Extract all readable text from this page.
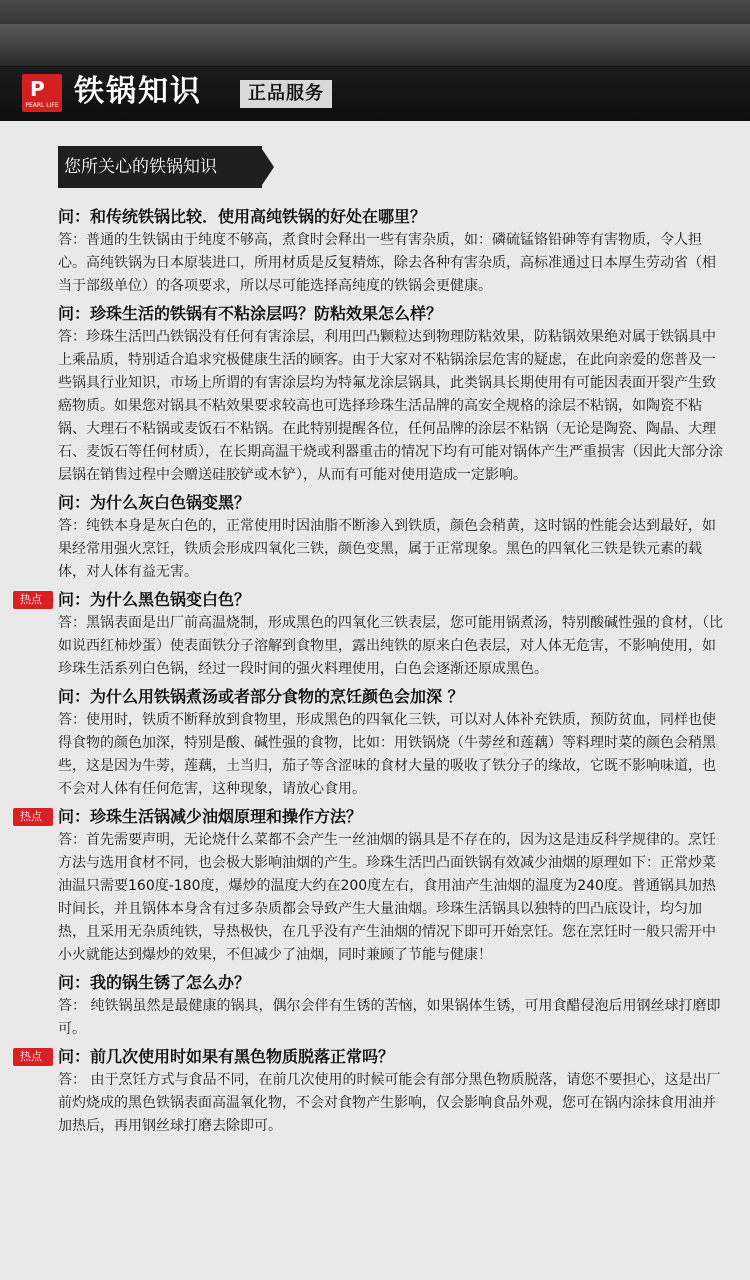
P
PEARL LIFE 铁锅知识	正品服务
您所关心的铁锅知识
问：和传统铁锅比较．使用高纯铁锅的好处在哪里？
答：普通的生铁锅由于纯度不够高，煮食时会释出一些有害杂质，如：磷硫锰铬铅砷等有害物质，令人担心。高纯铁锅为日本原装进口，所用材质是反复精炼，除去各种有害杂质，高标准通过日本厚生劳动省（相当于部级单位）的各项要求，所以尽可能选择高纯度的铁锅会更健康。
问：珍珠生活的铁锅有不粘涂层吗？防粘效果怎么样？
答：珍珠生活凹凸铁锅没有任何有害涂层，利用凹凸颗粒达到物理防粘效果，防粘锅效果绝对属于铁锅具中上乘品质，特别适合追求究极健康生活的顾客。由于大家对不粘锅涂层危害的疑虑，在此向亲爱的您普及一些锅具行业知识，市场上所谓的有害涂层均为特氟龙涂层锅具，此类锅具长期使用有可能因表面开裂产生致癌物质。如果您对锅具不粘效果要求较高也可选择珍珠生活品牌的高安全规格的涂层不粘锅，如陶瓷不粘锅、大理石不粘锅或麦饭石不粘锅。在此特别提醒各位，任何品牌的涂层不粘锅（无论是陶瓷、陶晶、大理石、麦饭石等任何材质），在长期高温干烧或利器重击的情况下均有可能对锅体产生严重损害（因此大部分涂层锅在销售过程中会赠送硅胶铲或木铲），从而有可能对使用造成一定影响。
问：为什么灰白色锅变黑？
答：纯铁本身是灰白色的，正常使用时因油脂不断渗入到铁质，颜色会稍黄，这时锅的性能会达到最好，如果经常用强火烹饪，铁质会形成四氧化三铁，颜色变黑，属于正常现象。黑色的四氧化三铁是铁元素的载体，对人体有益无害。
热点	问：为什么黑色锅变白色？
答：黑锅表面是出厂前高温烧制，形成黑色的四氧化三铁表层，您可能用锅煮汤，特别酸碱性强的食材，（比如说西红柿炒蛋）使表面铁分子溶解到食物里，露出纯铁的原来白色表层，对人体无危害，不影响使用，如珍珠生活系列白色锅，经过一段时间的强火料理使用，白色会逐渐还原成黑色。
问：为什么用铁锅煮汤或者部分食物的烹饪颜色会加深 ？
答：使用时，铁质不断释放到食物里，形成黑色的四氧化三铁，可以对人体补充铁质，预防贫血，同样也使得食物的颜色加深，特别是酸、碱性强的食物，比如：用铁锅烧（牛蒡丝和莲藕）等料理时菜的颜色会稍黑些，这是因为牛蒡，莲藕，土当归，茄子等含涩味的食材大量的吸收了铁分子的缘故，它既不影响味道，也不会对人体有任何危害，这种现象，请放心食用。
热点	问：珍珠生活锅减少油烟原理和操作方法？
答：首先需要声明，无论烧什么菜都不会产生一丝油烟的锅具是不存在的，因为这是违反科学规律的。烹饪方法与选用食材不同，也会极大影响油烟的产生。珍珠生活凹凸面铁锅有效减少油烟的原理如下：正常炒菜油温只需要160度-180度，爆炒的温度大约在200度左右，食用油产生油烟的温度为240度。普通锅具加热时间长，并且锅体本身含有过多杂质都会导致产生大量油烟。珍珠生活锅具以独特的凹凸底设计，均匀加热，且采用无杂质纯铁，导热极快，在几乎没有产生油烟的情况下即可开始烹饪。您在烹饪时一般只需开中小火就能达到爆炒的效果，不但减少了油烟，同时兼顾了节能与健康！
问：我的锅生锈了怎么办？
答： 纯铁锅虽然是最健康的锅具，偶尔会伴有生锈的苦恼，如果锅体生锈，可用食醋侵泡后用钢丝球打磨即可。
热点	问：前几次使用时如果有黑色物质脱落正常吗？
答： 由于烹饪方式与食品不同，在前几次使用的时候可能会有部分黑色物质脱落，请您不要担心，这是出厂前灼烧成的黑色铁锅表面高温氧化物，不会对食物产生影响，仅会影响食品外观，您可在锅内涂抹食用油并加热后，再用钢丝球打磨去除即可。
